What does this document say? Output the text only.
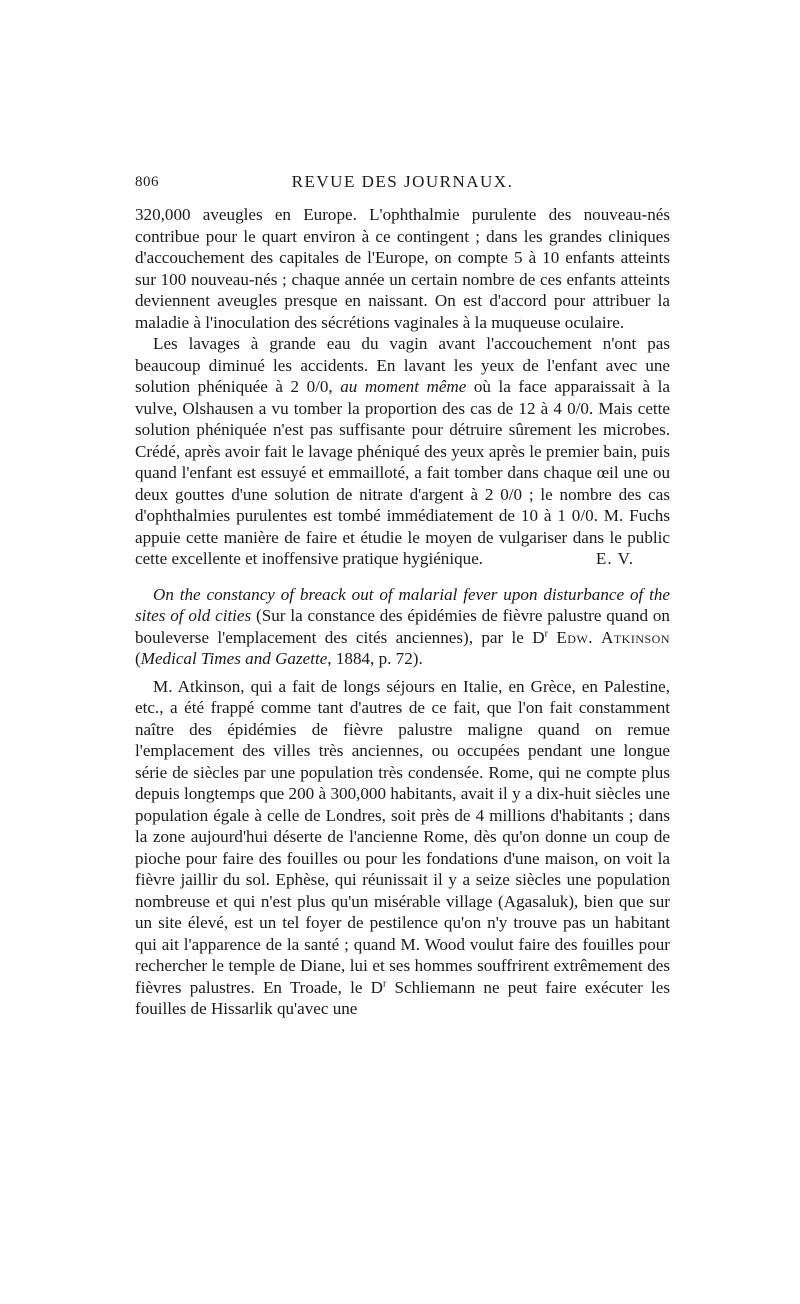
806	REVUE DES JOURNAUX.

320,000 aveugles en Europe. L'ophthalmie purulente des nouveau-nés contribue pour le quart environ à ce contingent ; dans les grandes cliniques d'accouchement des capitales de l'Europe, on compte 5 à 10 enfants atteints sur 100 nouveau-nés ; chaque année un certain nombre de ces enfants atteints deviennent aveugles presque en naissant. On est d'accord pour attribuer la maladie à l'inoculation des sécrétions vaginales à la muqueuse oculaire.

Les lavages à grande eau du vagin avant l'accouchement n'ont pas beaucoup diminué les accidents. En lavant les yeux de l'enfant avec une solution phéniquée à 2 0/0, au moment même où la face apparaissait à la vulve, Olshausen a vu tomber la proportion des cas de 12 à 4 0/0. Mais cette solution phéniquée n'est pas suffisante pour détruire sûrement les microbes. Crédé, après avoir fait le lavage phéniqué des yeux après le premier bain, puis quand l'enfant est essuyé et emmailloté, a fait tomber dans chaque œil une ou deux gouttes d'une solution de nitrate d'argent à 2 0/0 ; le nombre des cas d'ophthalmies purulentes est tombé immédiatement de 10 à 1 0/0. M. Fuchs appuie cette manière de faire et étudie le moyen de vulgariser dans le public cette excellente et inoffensive pratique hygiénique.	E. V.

On the constancy of breack out of malarial fever upon disturbance of the sites of old cities (Sur la constance des épidémies de fièvre palustre quand on bouleverse l'emplacement des cités anciennes), par le $D^r$ Edw. Atkinson (Medical Times and Gazette, 1884, p. 72).

M. Atkinson, qui a fait de longs séjours en Italie, en Grèce, en Palestine, etc., a été frappé comme tant d'autres de ce fait, que l'on fait constamment naître des épidémies de fièvre palustre maligne quand on remue l'emplacement des villes très anciennes, ou occupées pendant une longue série de siècles par une population très condensée. Rome, qui ne compte plus depuis longtemps que 200 à 300,000 habitants, avait il y a dix-huit siècles une population égale à celle de Londres, soit près de 4 millions d'habitants ; dans la zone aujourd'hui déserte de l'ancienne Rome, dès qu'on donne un coup de pioche pour faire des fouilles ou pour les fondations d'une maison, on voit la fièvre jaillir du sol. Ephèse, qui réunissait il y a seize siècles une population nombreuse et qui n'est plus qu'un misérable village (Agasaluk), bien que sur un site élevé, est un tel foyer de pestilence qu'on n'y trouve pas un habitant qui ait l'apparence de la santé ; quand M. Wood voulut faire des fouilles pour rechercher le temple de Diane, lui et ses hommes souffrirent extrêmement des fièvres palustres. En Troade, le $D^r$ Schliemann ne peut faire exécuter les fouilles de Hissarlik qu'avec une
